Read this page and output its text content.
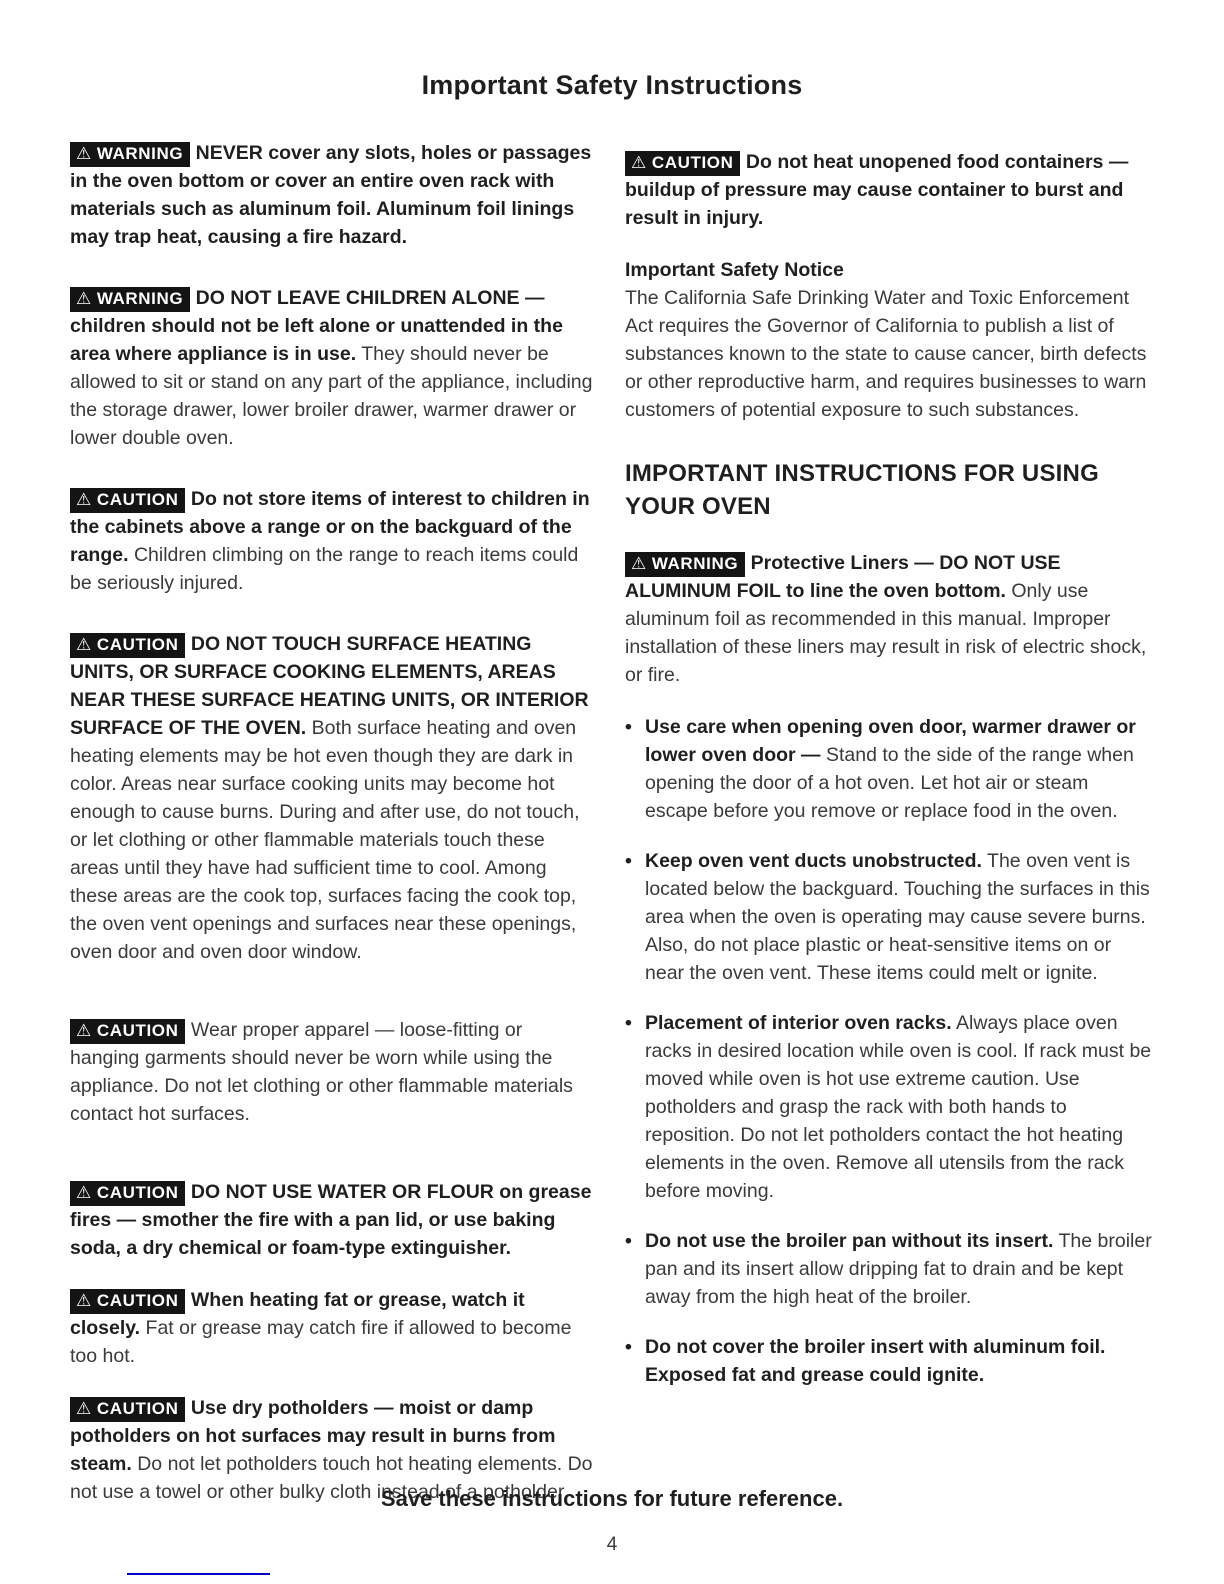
Important Safety Instructions

⚠ WARNING NEVER cover any slots, holes or passages in the oven bottom or cover an entire oven rack with materials such as aluminum foil. Aluminum foil linings may trap heat, causing a fire hazard.

⚠ WARNING DO NOT LEAVE CHILDREN ALONE — children should not be left alone or unattended in the area where appliance is in use. They should never be allowed to sit or stand on any part of the appliance, including the storage drawer, lower broiler drawer, warmer drawer or lower double oven.

⚠ CAUTION Do not store items of interest to children in the cabinets above a range or on the backguard of the range. Children climbing on the range to reach items could be seriously injured.

⚠ CAUTION DO NOT TOUCH SURFACE HEATING UNITS, OR SURFACE COOKING ELEMENTS, AREAS NEAR THESE SURFACE HEATING UNITS, OR INTERIOR SURFACE OF THE OVEN. Both surface heating and oven heating elements may be hot even though they are dark in color. Areas near surface cooking units may become hot enough to cause burns. During and after use, do not touch, or let clothing or other flammable materials touch these areas until they have had sufficient time to cool. Among these areas are the cook top, surfaces facing the cook top, the oven vent openings and surfaces near these openings, oven door and oven door window.

⚠ CAUTION Wear proper apparel — loose-fitting or hanging garments should never be worn while using the appliance. Do not let clothing or other flammable materials contact hot surfaces.

⚠ CAUTION DO NOT USE WATER OR FLOUR on grease fires — smother the fire with a pan lid, or use baking soda, a dry chemical or foam-type extinguisher.

⚠ CAUTION When heating fat or grease, watch it closely. Fat or grease may catch fire if allowed to become too hot.

⚠ CAUTION Use dry potholders — moist or damp potholders on hot surfaces may result in burns from steam. Do not let potholders touch hot heating elements. Do not use a towel or other bulky cloth instead of a potholder.

⚠ CAUTION Do not heat unopened food containers — buildup of pressure may cause container to burst and result in injury.

Important Safety Notice

The California Safe Drinking Water and Toxic Enforcement Act requires the Governor of California to publish a list of substances known to the state to cause cancer, birth defects or other reproductive harm, and requires businesses to warn customers of potential exposure to such substances.

IMPORTANT INSTRUCTIONS FOR USING YOUR OVEN

⚠ WARNING Protective Liners — DO NOT USE ALUMINUM FOIL to line the oven bottom. Only use aluminum foil as recommended in this manual. Improper installation of these liners may result in risk of electric shock, or fire.

• Use care when opening oven door, warmer drawer or lower oven door — Stand to the side of the range when opening the door of a hot oven. Let hot air or steam escape before you remove or replace food in the oven.
• Keep oven vent ducts unobstructed. The oven vent is located below the backguard. Touching the surfaces in this area when the oven is operating may cause severe burns. Also, do not place plastic or heat-sensitive items on or near the oven vent. These items could melt or ignite.
• Placement of interior oven racks. Always place oven racks in desired location while oven is cool. If rack must be moved while oven is hot use extreme caution. Use potholders and grasp the rack with both hands to reposition. Do not let potholders contact the hot heating elements in the oven. Remove all utensils from the rack before moving.
• Do not use the broiler pan without its insert. The broiler pan and its insert allow dripping fat to drain and be kept away from the high heat of the broiler.
• Do not cover the broiler insert with aluminum foil. Exposed fat and grease could ignite.
Save these instructions for future reference.
4
